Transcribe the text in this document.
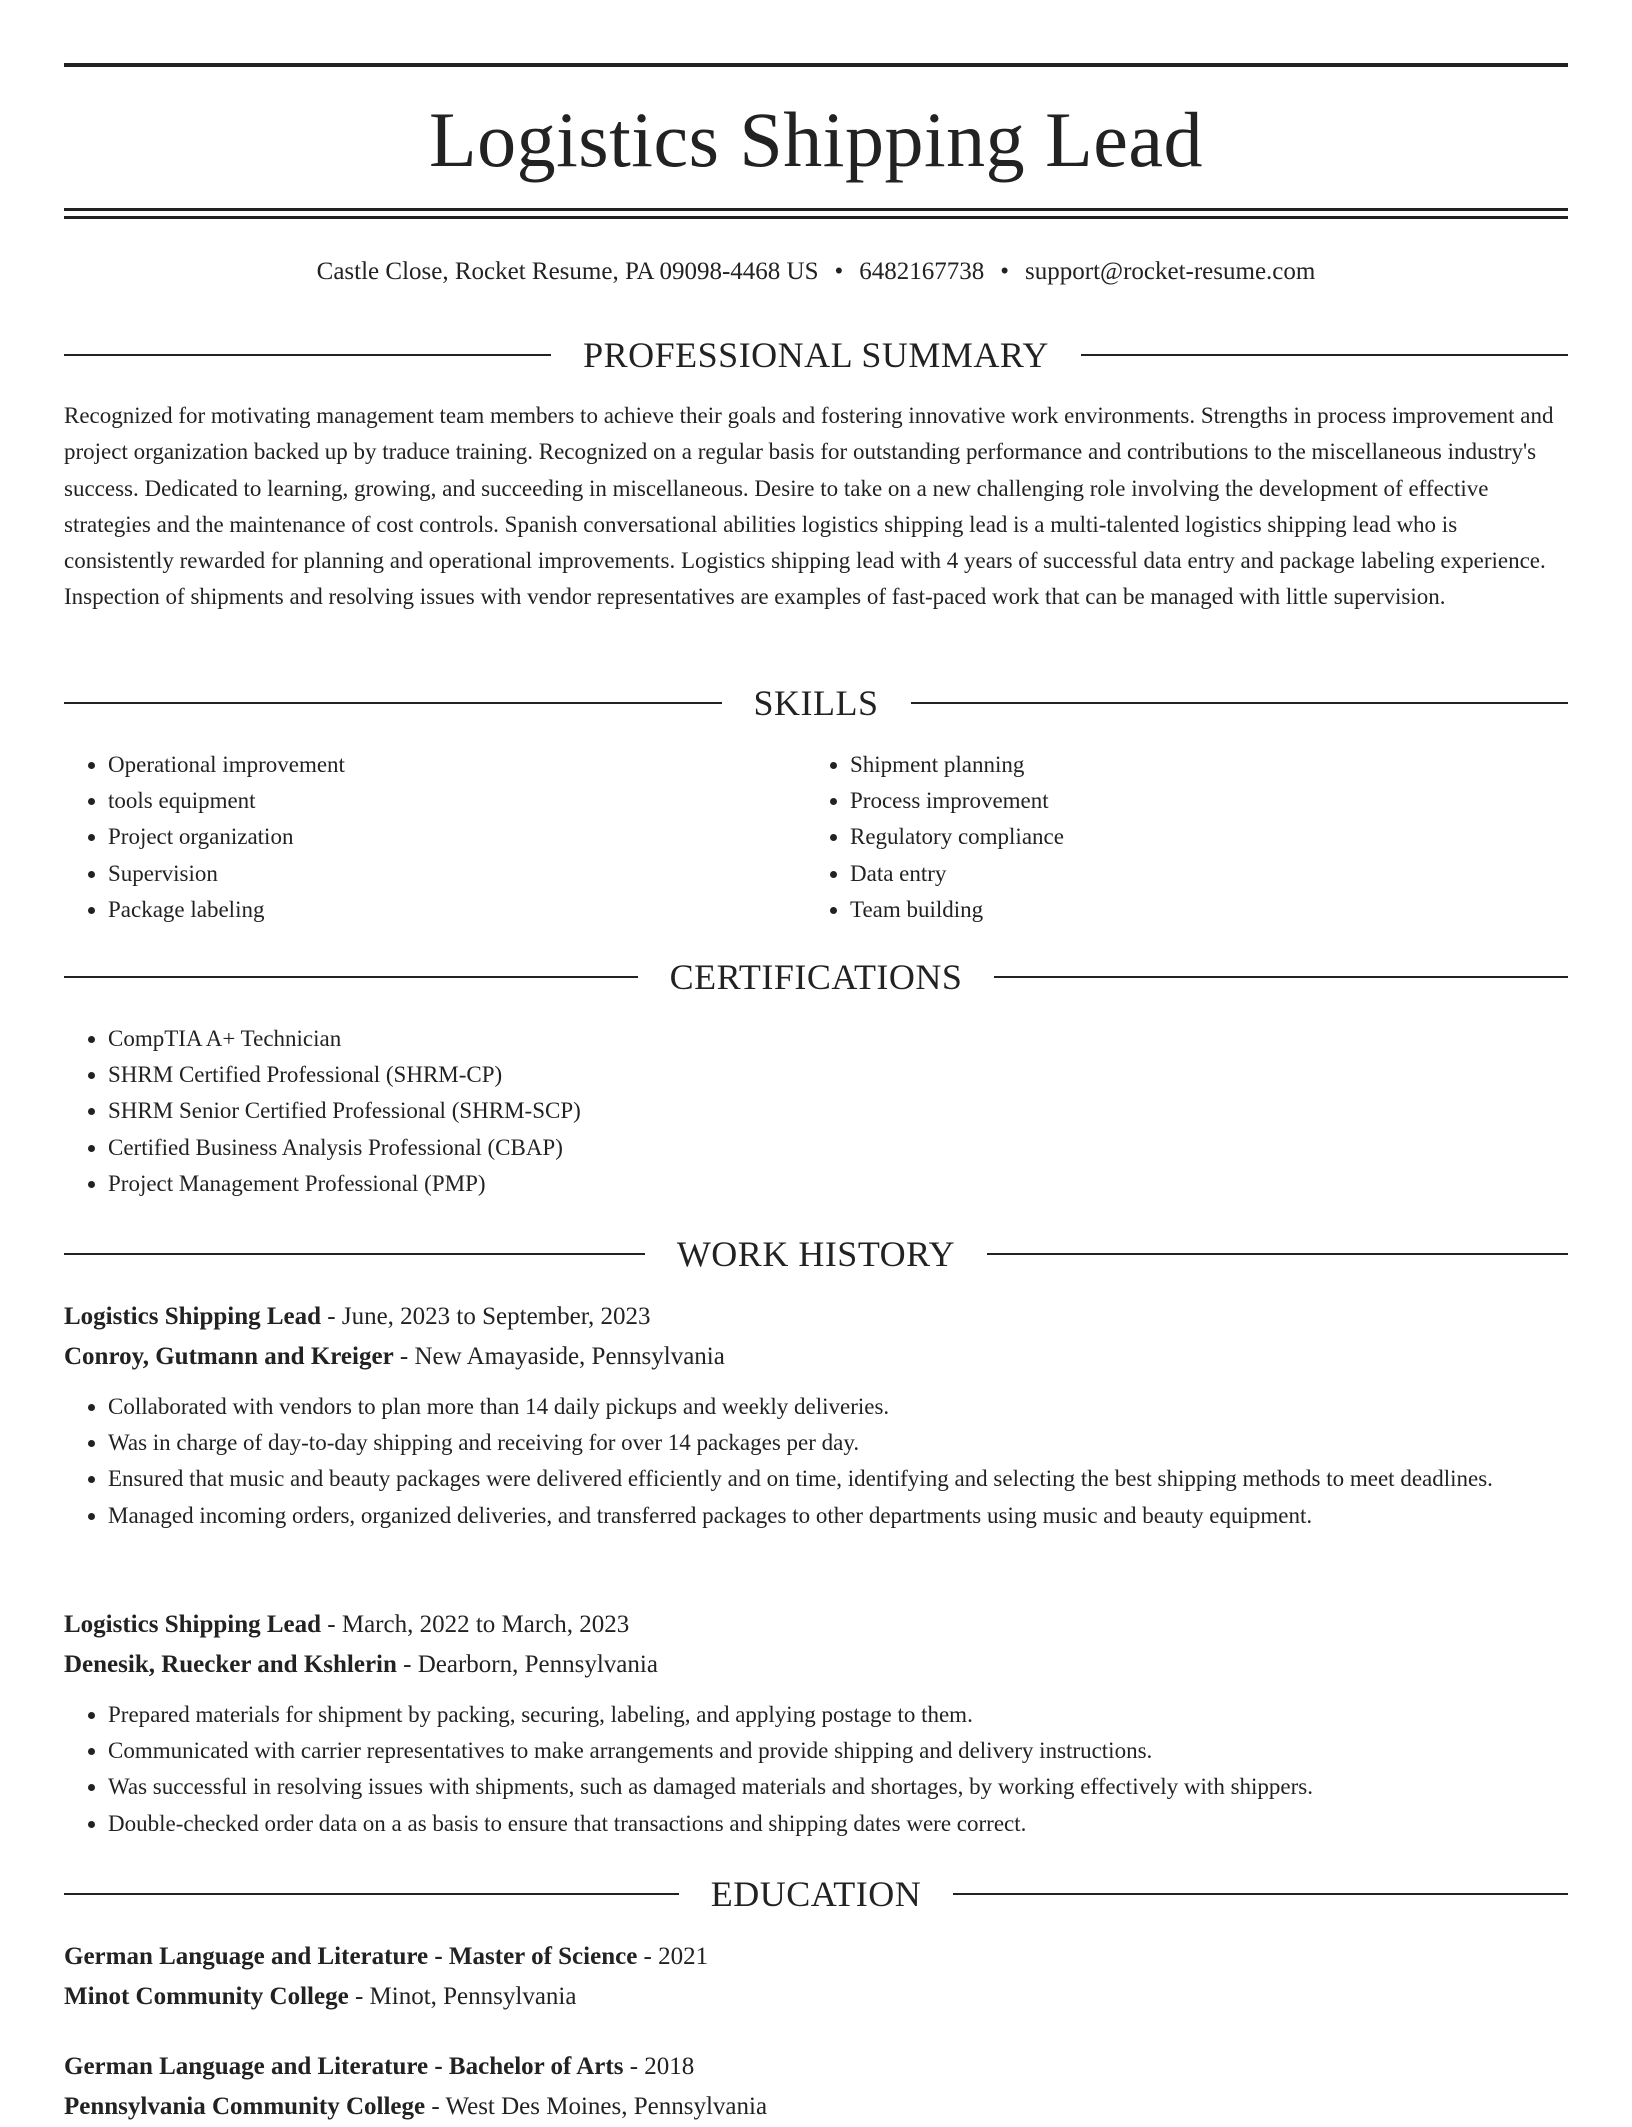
Logistics Shipping Lead
Castle Close, Rocket Resume, PA 09098-4468 US • 6482167738 • support@rocket-resume.com
PROFESSIONAL SUMMARY

Recognized for motivating management team members to achieve their goals and fostering innovative work environments. Strengths in process improvement and project organization backed up by traduce training. Recognized on a regular basis for outstanding performance and contributions to the miscellaneous industry's success. Dedicated to learning, growing, and succeeding in miscellaneous. Desire to take on a new challenging role involving the development of effective strategies and the maintenance of cost controls. Spanish conversational abilities logistics shipping lead is a multi-talented logistics shipping lead who is consistently rewarded for planning and operational improvements. Logistics shipping lead with 4 years of successful data entry and package labeling experience. Inspection of shipments and resolving issues with vendor representatives are examples of fast-paced work that can be managed with little supervision.

SKILLS
• Operational improvement
• tools equipment
• Project organization
• Supervision
• Package labeling
• Shipment planning
• Process improvement
• Regulatory compliance
• Data entry
• Team building
CERTIFICATIONS
• CompTIA A+ Technician
• SHRM Certified Professional (SHRM-CP)
• SHRM Senior Certified Professional (SHRM-SCP)
• Certified Business Analysis Professional (CBAP)
• Project Management Professional (PMP)
WORK HISTORY
Logistics Shipping Lead - June, 2023 to September, 2023
Conroy, Gutmann and Kreiger - New Amayaside, Pennsylvania
• Collaborated with vendors to plan more than 14 daily pickups and weekly deliveries.
• Was in charge of day-to-day shipping and receiving for over 14 packages per day.
• Ensured that music and beauty packages were delivered efficiently and on time, identifying and selecting the best shipping methods to meet deadlines.
• Managed incoming orders, organized deliveries, and transferred packages to other departments using music and beauty equipment.
Logistics Shipping Lead - March, 2022 to March, 2023
Denesik, Ruecker and Kshlerin - Dearborn, Pennsylvania
• Prepared materials for shipment by packing, securing, labeling, and applying postage to them.
• Communicated with carrier representatives to make arrangements and provide shipping and delivery instructions.
• Was successful in resolving issues with shipments, such as damaged materials and shortages, by working effectively with shippers.
• Double-checked order data on a as basis to ensure that transactions and shipping dates were correct.
EDUCATION
German Language and Literature - Master of Science - 2021
Minot Community College - Minot, Pennsylvania
German Language and Literature - Bachelor of Arts - 2018
Pennsylvania Community College - West Des Moines, Pennsylvania
